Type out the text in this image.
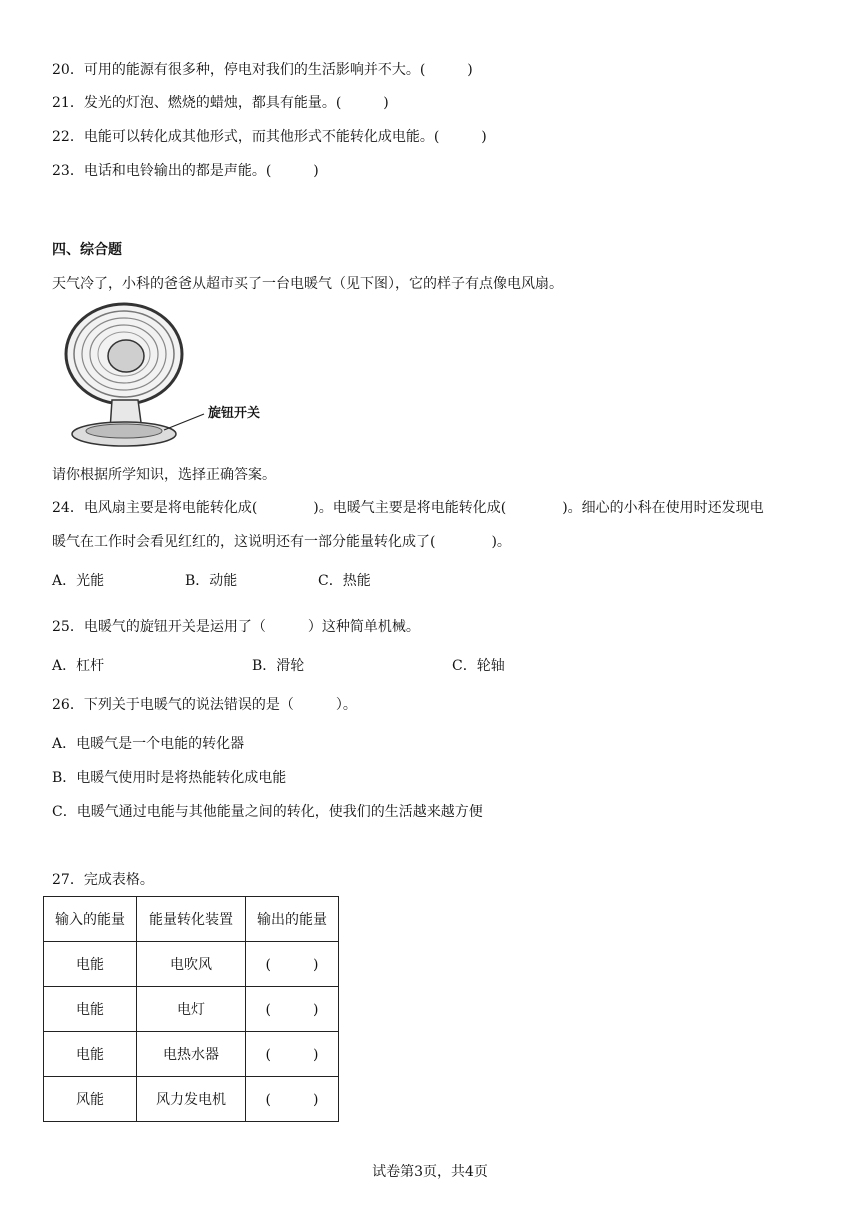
20．可用的能源有很多种，停电对我们的生活影响并不大。(　　　)
21．发光的灯泡、燃烧的蜡烛，都具有能量。(　　　)
22．电能可以转化成其他形式，而其他形式不能转化成电能。(　　　)
23．电话和电铃输出的都是声能。(　　　)
四、综合题
天气冷了，小科的爸爸从超市买了一台电暖气（见下图），它的样子有点像电风扇。
旋钮开关
请你根据所学知识，选择正确答案。
24．电风扇主要是将电能转化成(　　　　)。电暖气主要是将电能转化成(　　　　)。细心的小科在使用时还发现电
暖气在工作时会看见红红的，这说明还有一部分能量转化成了(　　　　)。
A．光能	B．动能	C．热能
25．电暖气的旋钮开关是运用了（　　　）这种简单机械。
A．杠杆	B．滑轮	C．轮轴
26．下列关于电暖气的说法错误的是（　　　）。
A．电暖气是一个电能的转化器
B．电暖气使用时是将热能转化成电能
C．电暖气通过电能与其他能量之间的转化，使我们的生活越来越方便
27．完成表格。
输入的能量	能量转化装置	输出的能量
电能	电吹风	(　　　)
电能	电灯	(　　　)
电能	电热水器	(　　　)
风能	风力发电机	(　　　)
试卷第3页，共4页
